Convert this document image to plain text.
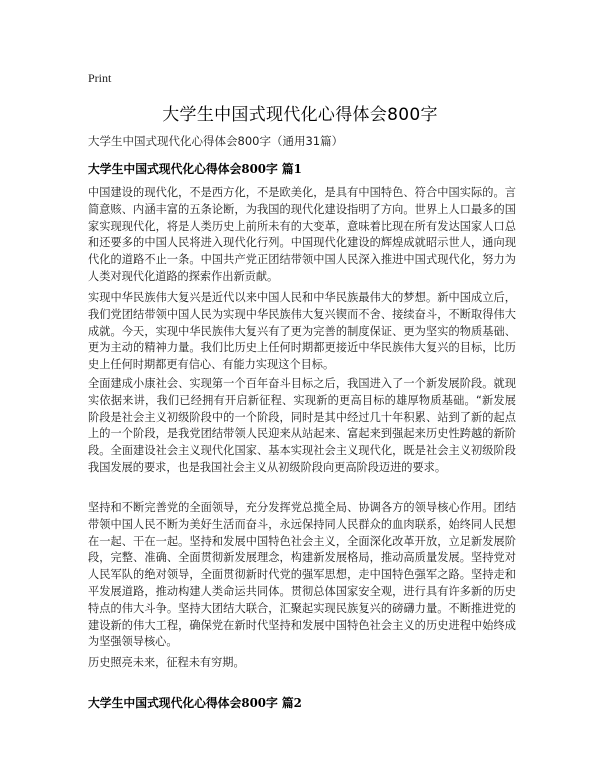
Print
大学生中国式现代化心得体会800字
大学生中国式现代化心得体会800字（通用31篇）
大学生中国式现代化心得体会800字 篇1

中国建设的现代化，不是西方化，不是欧美化，是具有中国特色、符合中国实际的。言简意赅、内涵丰富的五条论断，为我国的现代化建设指明了方向。世界上人口最多的国家实现现代化，将是人类历史上前所未有的大变革，意味着比现在所有发达国家人口总和还要多的中国人民将进入现代化行列。中国现代化建设的辉煌成就昭示世人，通向现代化的道路不止一条。中国共产党正团结带领中国人民深入推进中国式现代化，努力为人类对现代化道路的探索作出新贡献。

实现中华民族伟大复兴是近代以来中国人民和中华民族最伟大的梦想。新中国成立后，我们党团结带领中国人民为实现中华民族伟大复兴锲而不舍、接续奋斗，不断取得伟大成就。今天，实现中华民族伟大复兴有了更为完善的制度保证、更为坚实的物质基础、更为主动的精神力量。我们比历史上任何时期都更接近中华民族伟大复兴的目标，比历史上任何时期都更有信心、有能力实现这个目标。

全面建成小康社会、实现第一个百年奋斗目标之后，我国进入了一个新发展阶段。就现实依据来讲，我们已经拥有开启新征程、实现新的更高目标的雄厚物质基础。“新发展阶段是社会主义初级阶段中的一个阶段，同时是其中经过几十年积累、站到了新的起点上的一个阶段，是我党团结带领人民迎来从站起来、富起来到强起来历史性跨越的新阶段。全面建设社会主义现代化国家、基本实现社会主义现代化，既是社会主义初级阶段我国发展的要求，也是我国社会主义从初级阶段向更高阶段迈进的要求。

坚持和不断完善党的全面领导，充分发挥党总揽全局、协调各方的领导核心作用。团结带领中国人民不断为美好生活而奋斗，永远保持同人民群众的血肉联系，始终同人民想在一起、干在一起。坚持和发展中国特色社会主义，全面深化改革开放，立足新发展阶段，完整、准确、全面贯彻新发展理念，构建新发展格局，推动高质量发展。坚持党对人民军队的绝对领导，全面贯彻新时代党的强军思想，走中国特色强军之路。坚持走和平发展道路，推动构建人类命运共同体。贯彻总体国家安全观，进行具有许多新的历史特点的伟大斗争。坚持大团结大联合，汇聚起实现民族复兴的磅礴力量。不断推进党的建设新的伟大工程，确保党在新时代坚持和发展中国特色社会主义的历史进程中始终成为坚强领导核心。

历史照亮未来，征程未有穷期。

大学生中国式现代化心得体会800字 篇2
